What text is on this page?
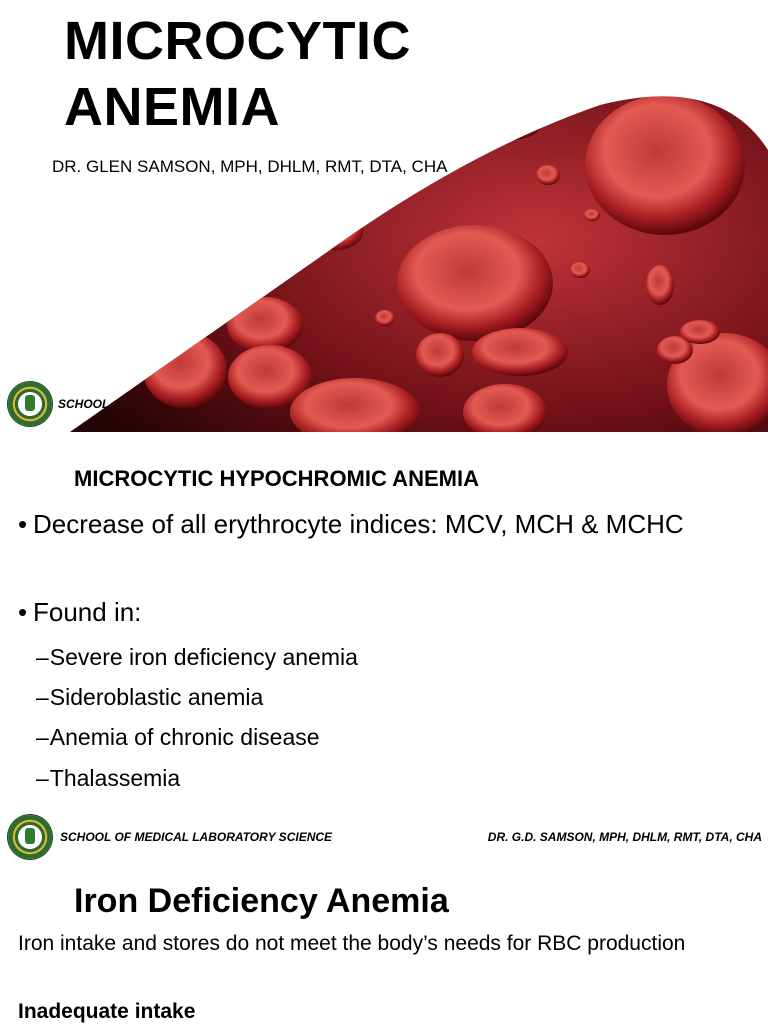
MICROCYTIC
ANEMIA
DR. GLEN SAMSON, MPH, DHLM, RMT, DTA, CHA
SCHOOL
MICROCYTIC HYPOCHROMIC ANEMIA
• Decrease of all erythrocyte indices: MCV, MCH & MCHC
• Found in:
–Severe iron deficiency anemia
–Sideroblastic anemia
–Anemia of chronic disease
–Thalassemia
SCHOOL OF MEDICAL LABORATORY SCIENCE	DR. G.D. SAMSON, MPH, DHLM, RMT, DTA, CHA
Iron Deficiency Anemia
Iron intake and stores do not meet the body’s needs for RBC production
Inadequate intake
